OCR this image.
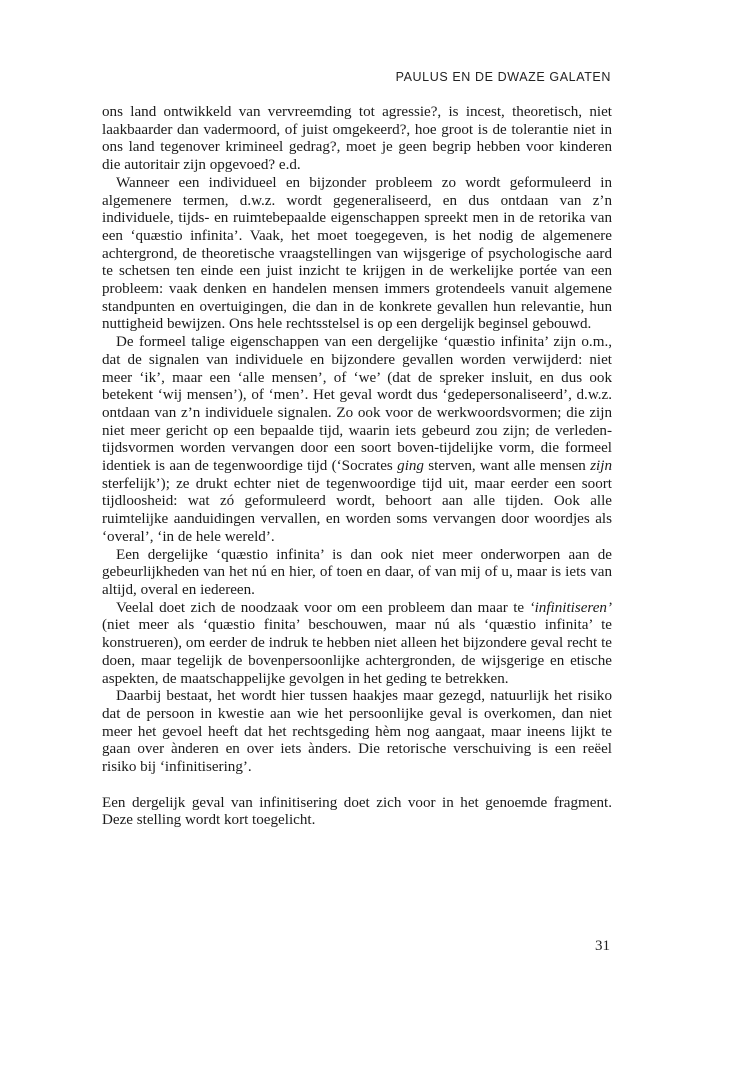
PAULUS EN DE DWAZE GALATEN

ons land ontwikkeld van vervreemding tot agressie?, is incest, theoretisch, niet laakbaarder dan vadermoord, of juist omgekeerd?, hoe groot is de tolerantie niet in ons land tegenover krimineel gedrag?, moet je geen begrip hebben voor kinderen die autoritair zijn opgevoed? e.d.

Wanneer een individueel en bijzonder probleem zo wordt geformuleerd in algemenere termen, d.w.z. wordt gegeneraliseerd, en dus ontdaan van z’n individuele, tijds- en ruimtebepaalde eigenschappen spreekt men in de retorika van een ‘quæstio infinita’. Vaak, het moet toegegeven, is het nodig de algemenere achtergrond, de theoretische vraagstellingen van wijsgerige of psychologische aard te schetsen ten einde een juist inzicht te krijgen in de werkelijke portée van een probleem: vaak denken en handelen mensen immers grotendeels vanuit algemene standpunten en overtuigingen, die dan in de konkrete gevallen hun relevantie, hun nuttigheid bewijzen. Ons hele rechtsstelsel is op een dergelijk beginsel gebouwd.

De formeel talige eigenschappen van een dergelijke ‘quæstio infinita’ zijn o.m., dat de signalen van individuele en bijzondere gevallen worden verwijderd: niet meer ‘ik’, maar een ‘alle mensen’, of ‘we’ (dat de spreker insluit, en dus ook betekent ‘wij mensen’), of ‘men’. Het geval wordt dus ‘gedepersonaliseerd’, d.w.z. ontdaan van z’n individuele signalen. Zo ook voor de werkwoordsvormen; die zijn niet meer gericht op een bepaalde tijd, waarin iets gebeurd zou zijn; de verleden-tijdsvormen worden vervangen door een soort boven-tijdelijke vorm, die formeel identiek is aan de tegenwoordige tijd (‘Socrates ging sterven, want alle mensen zijn sterfelijk’); ze drukt echter niet de tegenwoordige tijd uit, maar eerder een soort tijdloosheid: wat zó geformuleerd wordt, behoort aan alle tijden. Ook alle ruimtelijke aanduidingen vervallen, en worden soms vervangen door woordjes als ‘overal’, ‘in de hele wereld’.

Een dergelijke ‘quæstio infinita’ is dan ook niet meer onderworpen aan de gebeurlijkheden van het nú en hier, of toen en daar, of van mij of u, maar is iets van altijd, overal en iedereen.

Veelal doet zich de noodzaak voor om een probleem dan maar te ‘infinitiseren’ (niet meer als ‘quæstio finita’ beschouwen, maar nú als ‘quæstio infinita’ te konstrueren), om eerder de indruk te hebben niet alleen het bijzondere geval recht te doen, maar tegelijk de bovenpersoonlijke achtergronden, de wijsgerige en etische aspekten, de maatschappelijke gevolgen in het geding te betrekken.

Daarbij bestaat, het wordt hier tussen haakjes maar gezegd, natuurlijk het risiko dat de persoon in kwestie aan wie het persoonlijke geval is overkomen, dan niet meer het gevoel heeft dat het rechtsgeding hèm nog aangaat, maar ineens lijkt te gaan over ànderen en over iets ànders. Die retorische verschuiving is een reëel risiko bij ‘infinitisering’.

Een dergelijk geval van infinitisering doet zich voor in het genoemde fragment. Deze stelling wordt kort toegelicht.

31
